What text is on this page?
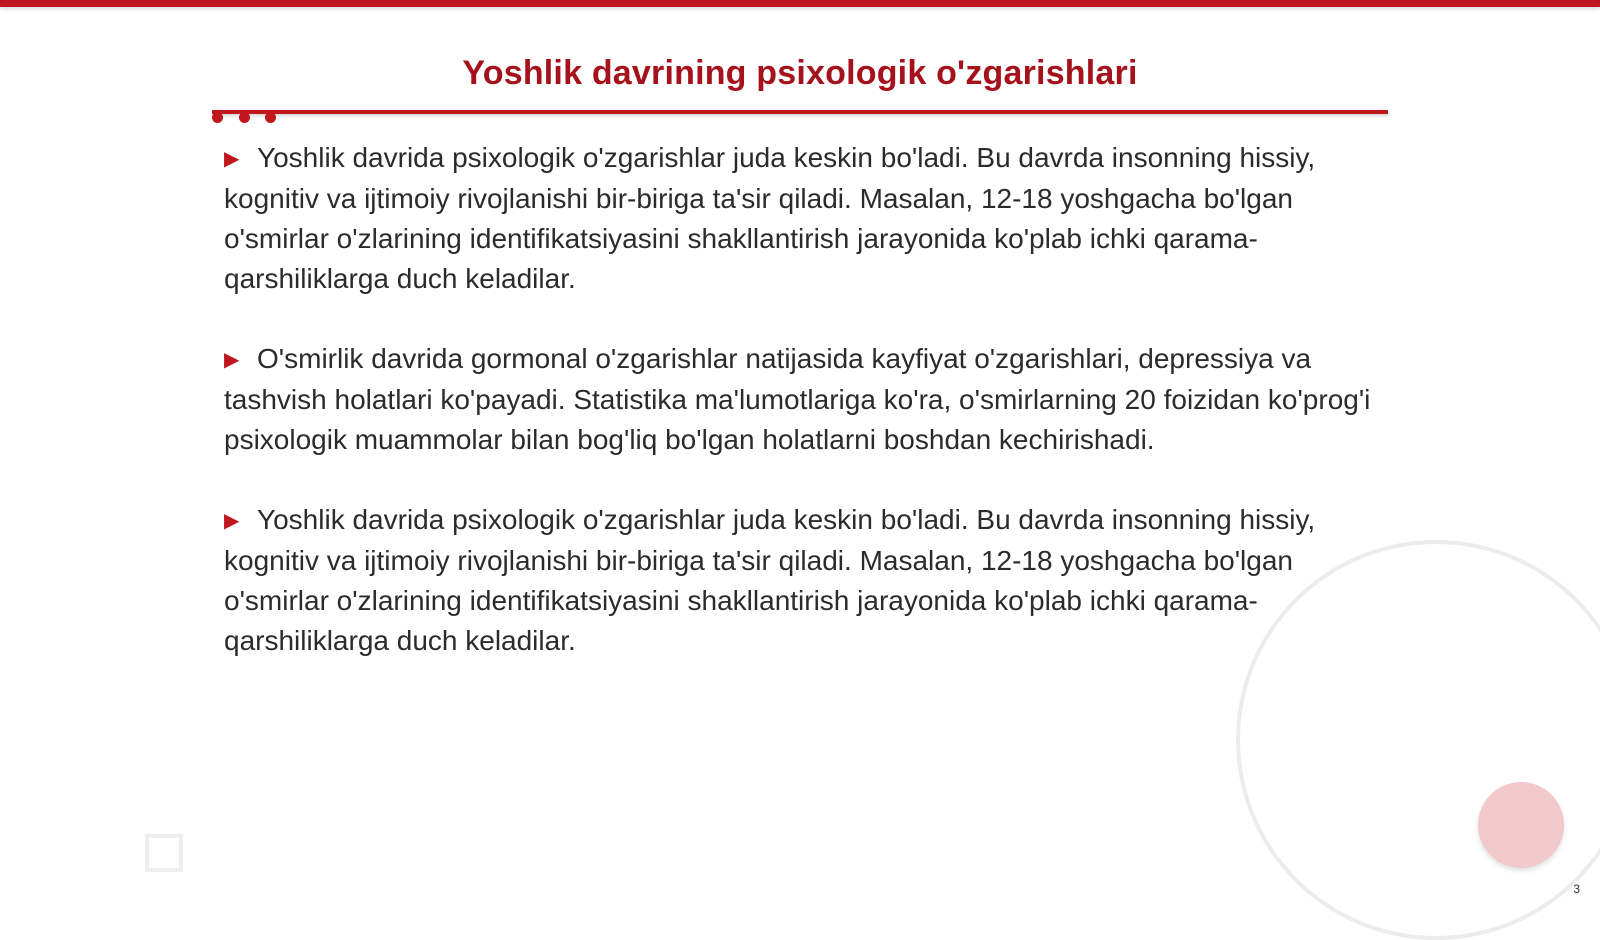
Yoshlik davrining psixologik o'zgarishlari

▶ Yoshlik davrida psixologik o'zgarishlar juda keskin bo'ladi. Bu davrda insonning hissiy, kognitiv va ijtimoiy rivojlanishi bir-biriga ta'sir qiladi. Masalan, 12-18 yoshgacha bo'lgan o'smirlar o'zlarining identifikatsiyasini shakllantirish jarayonida ko'plab ichki qarama-qarshiliklarga duch keladilar.

▶ O'smirlik davrida gormonal o'zgarishlar natijasida kayfiyat o'zgarishlari, depressiya va tashvish holatlari ko'payadi. Statistika ma'lumotlariga ko'ra, o'smirlarning 20 foizidan ko'prog'i psixologik muammolar bilan bog'liq bo'lgan holatlarni boshdan kechirishadi.

▶ Yoshlik davrida psixologik o'zgarishlar juda keskin bo'ladi. Bu davrda insonning hissiy, kognitiv va ijtimoiy rivojlanishi bir-biriga ta'sir qiladi. Masalan, 12-18 yoshgacha bo'lgan o'smirlar o'zlarining identifikatsiyasini shakllantirish jarayonida ko'plab ichki qarama-qarshiliklarga duch keladilar.

3
